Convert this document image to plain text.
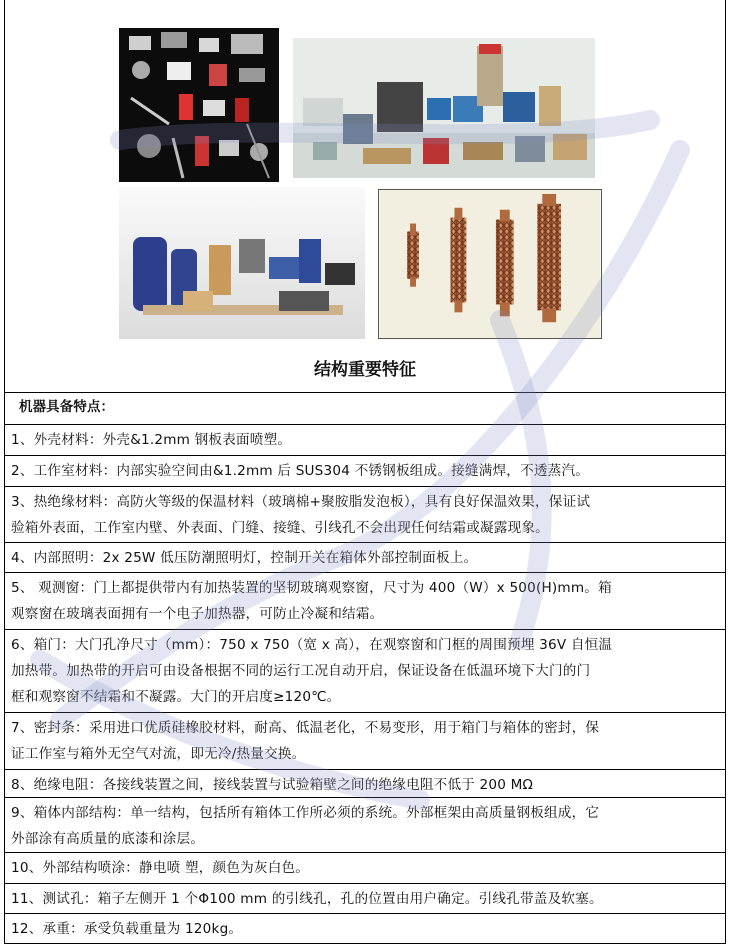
结构重要特征
机器具备特点：
1、外壳材料：外壳&1.2mm 钢板表面喷塑。
2、工作室材料：内部实验空间由&1.2mm 后 SUS304 不锈钢板组成。接缝满焊，不透蒸汽。
3、热绝缘材料：高防火等级的保温材料（玻璃棉+聚胺脂发泡板），具有良好保温效果，保证试
验箱外表面，工作室内壁、外表面、门缝、接缝、引线孔不会出现任何结霜或凝露现象。
4、内部照明：2x 25W 低压防潮照明灯，控制开关在箱体外部控制面板上。
5、 观测窗：门上都提供带内有加热装置的坚韧玻璃观察窗，尺寸为 400（W）x 500(H)mm。箱
观察窗在玻璃表面拥有一个电子加热器，可防止冷凝和结霜。
6、箱门：大门孔净尺寸（mm）：750 x 750（宽 x 高），在观察窗和门框的周围预埋 36V 自恒温
加热带。加热带的开启可由设备根据不同的运行工况自动开启，保证设备在低温环境下大门的门
框和观察窗不结霜和不凝露。大门的开启度≥120℃。
7、密封条：采用进口优质硅橡胶材料，耐高、低温老化，不易变形，用于箱门与箱体的密封，保
证工作室与箱外无空气对流，即无冷/热量交换。
8、绝缘电阻：各接线装置之间，接线装置与试验箱壁之间的绝缘电阻不低于 200 MΩ
9、箱体内部结构：单一结构，包括所有箱体工作所必须的系统。外部框架由高质量钢板组成，它
外部涂有高质量的底漆和涂层。
10、外部结构喷涂：静电喷 塑，颜色为灰白色。
11、测试孔：箱子左侧开 1 个Φ100 mm 的引线孔，孔的位置由用户确定。引线孔带盖及软塞。
12、承重：承受负载重量为 120kg。
